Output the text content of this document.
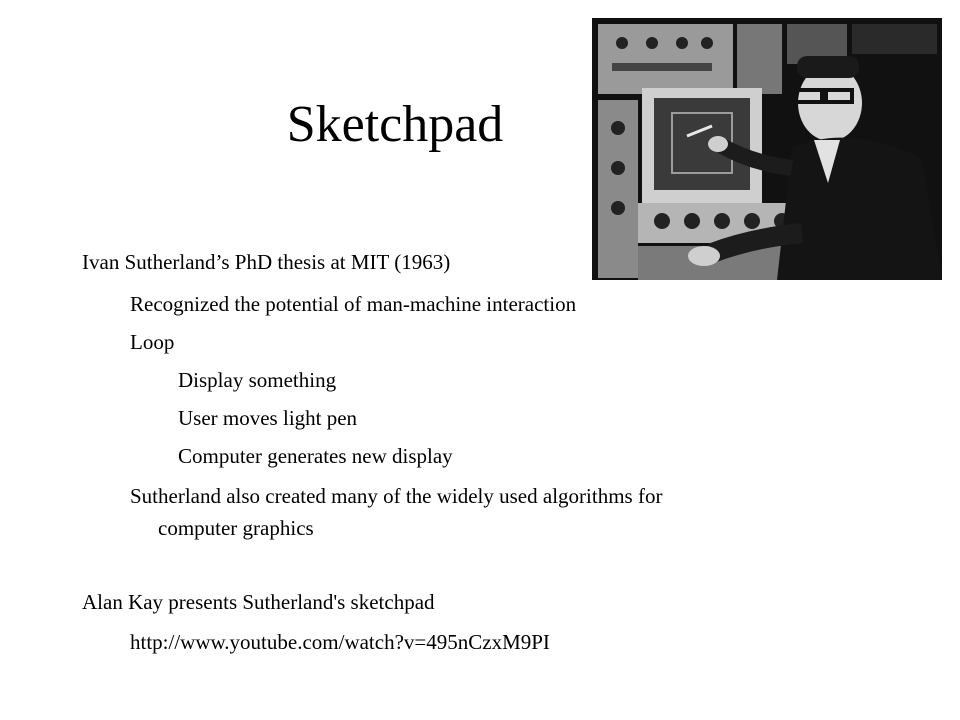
Sketchpad
Ivan Sutherland’s PhD thesis at MIT (1963)
Recognized the potential of man-machine interaction
Loop
Display something
User moves light pen
Computer generates new display
Sutherland also created many of the widely used algorithms for
computer graphics
Alan Kay presents Sutherland's sketchpad
http://www.youtube.com/watch?v=495nCzxM9PI
